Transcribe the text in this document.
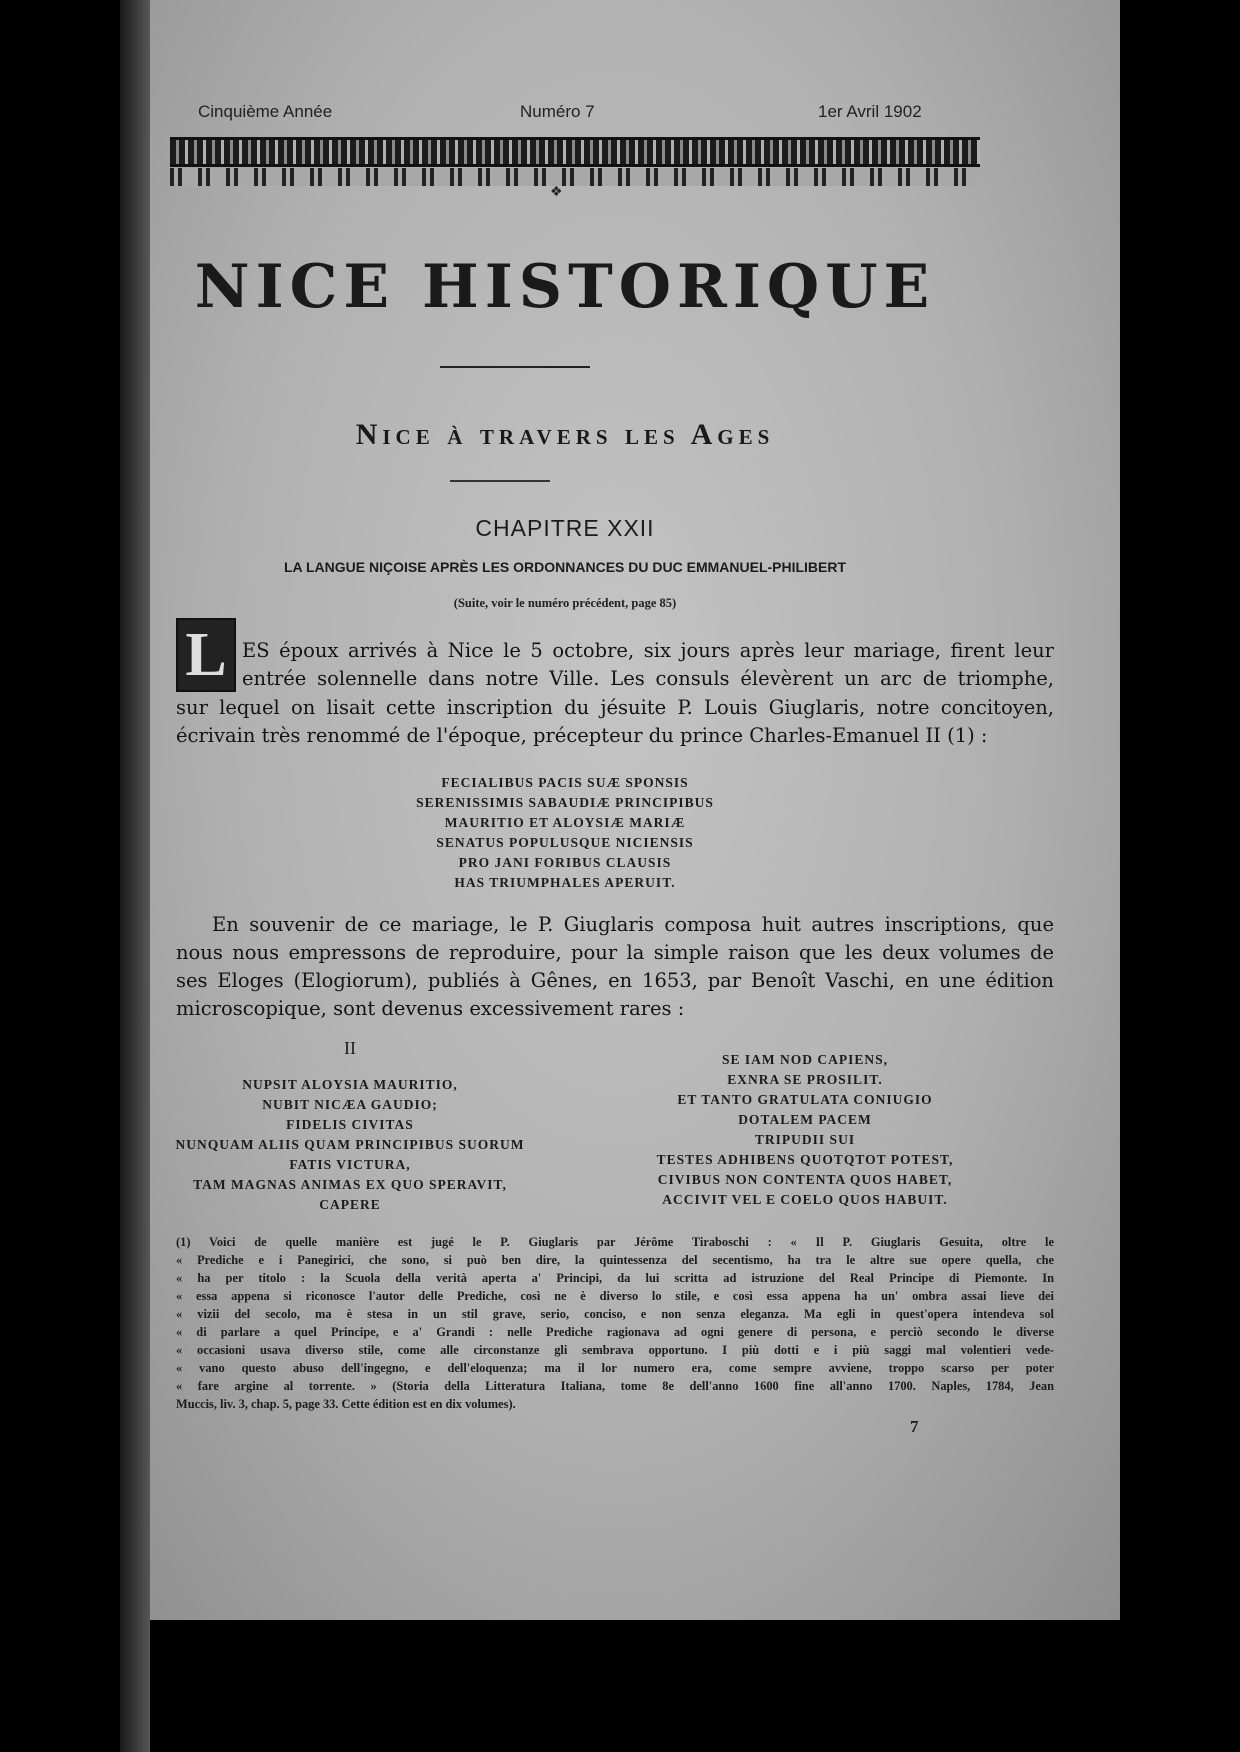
Cinquième Année	Numéro 7	1er Avril 1902
❖
NICE HISTORIQUE
Nice à travers les Ages
CHAPITRE XXII
LA LANGUE NIÇOISE APRÈS LES ORDONNANCES DU DUC EMMANUEL-PHILIBERT
(Suite, voir le numéro précédent, page 85)
L ES époux arrivés à Nice le 5 octobre, six jours après leur mariage, firent leur
entrée solennelle dans notre Ville. Les consuls élevèrent un arc de triomphe,
sur lequel on lisait cette inscription du jésuite P. Louis Giuglaris, notre concitoyen,
écrivain très renommé de l'époque, précepteur du prince Charles-Emanuel II (1) :
FECIALIBUS PACIS SUÆ SPONSIS
SERENISSIMIS SABAUDIÆ PRINCIPIBUS
MAURITIO ET ALOYSIÆ MARIÆ
SENATUS POPULUSQUE NICIENSIS
PRO JANI FORIBUS CLAUSIS
HAS TRIUMPHALES APERUIT.
En souvenir de ce mariage, le P. Giuglaris composa huit autres inscriptions, que
nous nous empressons de reproduire, pour la simple raison que les deux volumes de
ses Eloges (Elogiorum), publiés à Gênes, en 1653, par Benoît Vaschi, en une édition
microscopique, sont devenus excessivement rares :
II
NUPSIT ALOYSIA MAURITIO,
NUBIT NICÆA GAUDIO;
FIDELIS CIVITAS
NUNQUAM ALIIS QUAM PRINCIPIBUS SUORUM
FATIS VICTURA,
TAM MAGNAS ANIMAS EX QUO SPERAVIT,
CAPERE
SE IAM NOD CAPIENS,
EXNRA SE PROSILIT.
ET TANTO GRATULATA CONIUGIO
DOTALEM PACEM
TRIPUDII SUI
TESTES ADHIBENS QUOTQTOT POTEST,
CIVIBUS NON CONTENTA QUOS HABET,
ACCIVIT VEL E COELO QUOS HABUIT.
(1) Voici de quelle manière est jugé le P. Giuglaris par Jérôme Tiraboschi : « Il P. Giuglaris Gesuita, oltre le
« Prediche e i Panegirici, che sono, si può ben dire, la quintessenza del secentismo, ha tra le altre sue opere quella, che
« ha per titolo : la Scuola della verità aperta a' Principi, da lui scritta ad istruzione del Real Principe di Piemonte. In
« essa appena si riconosce l'autor delle Prediche, così ne è diverso lo stile, e così essa appena ha un' ombra assai lieve dei
« vizii del secolo, ma è stesa in un stil grave, serio, conciso, e non senza eleganza. Ma egli in quest'opera intendeva sol
« di parlare a quel Principe, e a' Grandi : nelle Prediche ragionava ad ogni genere di persona, e perciò secondo le diverse
« occasioni usava diverso stile, come alle circonstanze gli sembrava opportuno. I più dotti e i più saggi mal volentieri vede-
« vano questo abuso dell'ingegno, e dell'eloquenza; ma il lor numero era, come sempre avviene, troppo scarso per poter
« fare argine al torrente. » (Storia della Litteratura Italiana, tome 8e dell'anno 1600 fine all'anno 1700. Naples, 1784, Jean
Muccis, liv. 3, chap. 5, page 33. Cette édition est en dix volumes).
7
